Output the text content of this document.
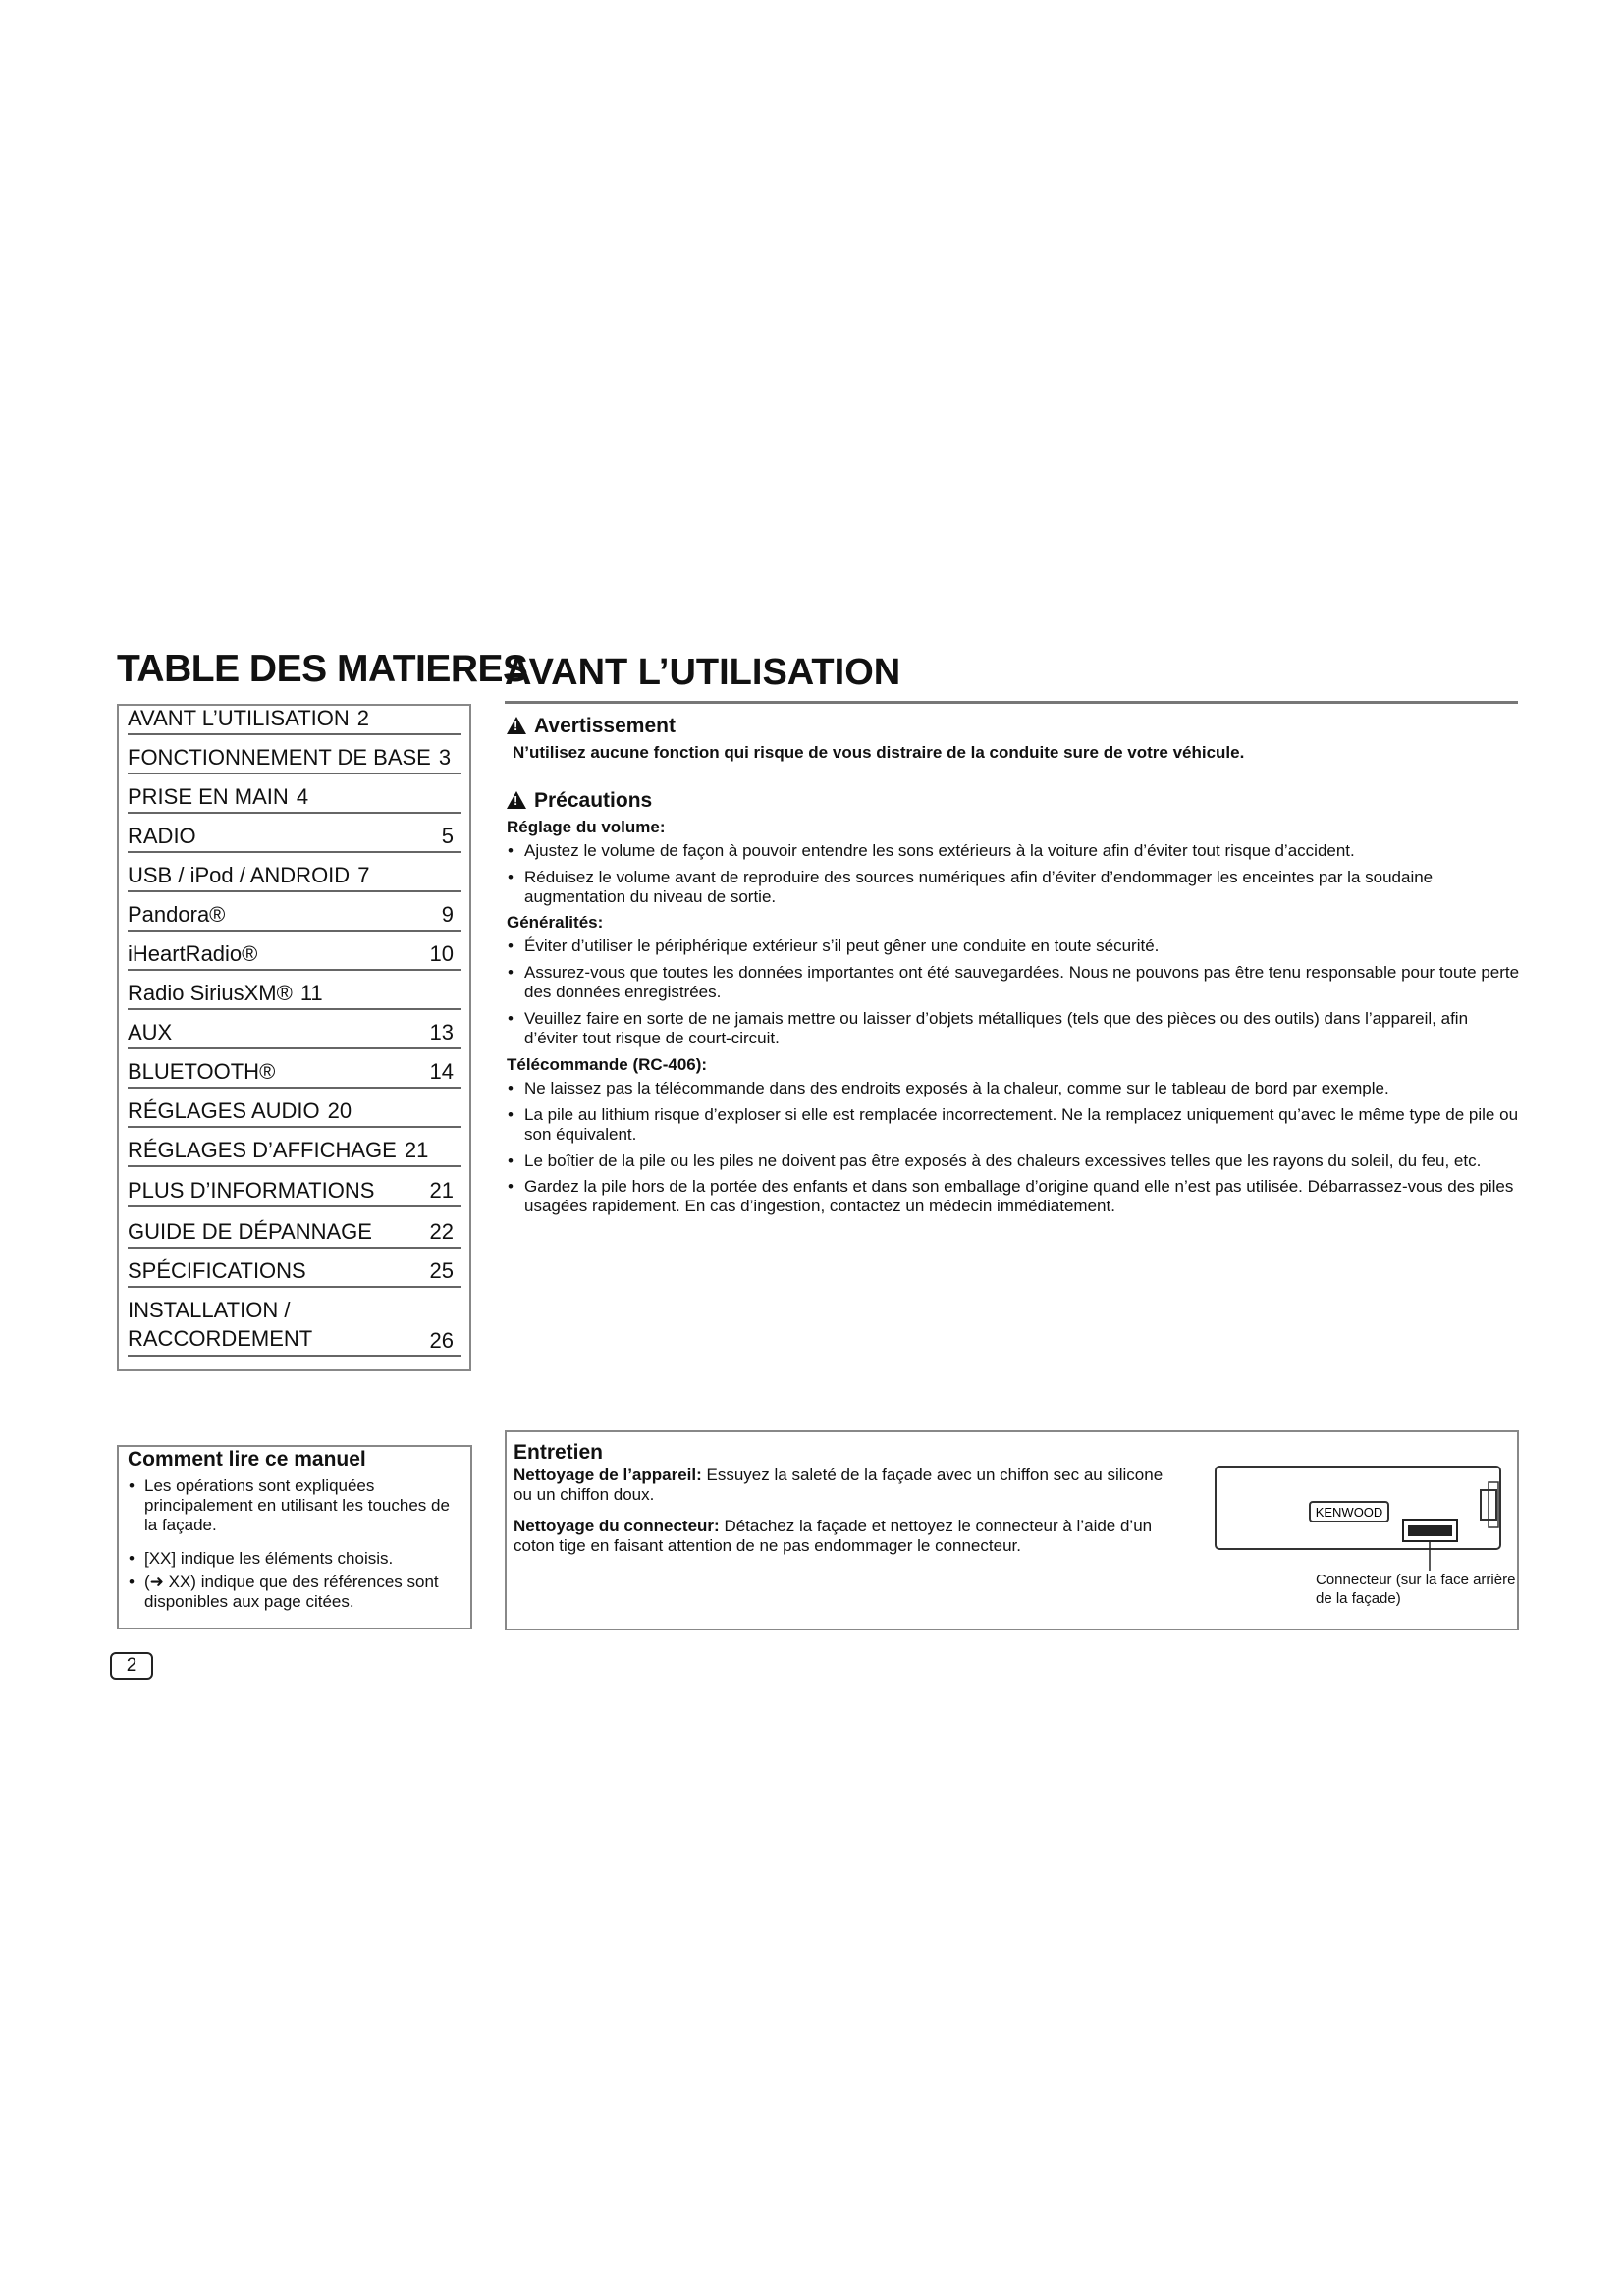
TABLE DES MATIERES
AVANT L’UTILISATION
AVANT L’UTILISATION 2
FONCTIONNEMENT DE BASE 3
PRISE EN MAIN 4
RADIO	5
USB / iPod / ANDROID 7
Pandora®	9
iHeartRadio®	10
Radio SiriusXM® 11
AUX	13
BLUETOOTH®	14
RÉGLAGES AUDIO 20
RÉGLAGES D’AFFICHAGE 21
PLUS D’INFORMATIONS	21
GUIDE DE DÉPANNAGE	22
SPÉCIFICATIONS	25
INSTALLATION /
RACCORDEMENT	26
!Avertissement
N’utilisez aucune fonction qui risque de vous distraire de la conduite sure de votre véhicule.
!Précautions
Réglage du volume:
• Ajustez le volume de façon à pouvoir entendre les sons extérieurs à la voiture afin d’éviter tout risque d’accident.
• Réduisez le volume avant de reproduire des sources numériques afin d’éviter d’endommager les enceintes par la soudaine augmentation du niveau de sortie.
Généralités:
• Éviter d’utiliser le périphérique extérieur s’il peut gêner une conduite en toute sécurité.
• Assurez-vous que toutes les données importantes ont été sauvegardées. Nous ne pouvons pas être tenu responsable pour toute perte des données enregistrées.
• Veuillez faire en sorte de ne jamais mettre ou laisser d’objets métalliques (tels que des pièces ou des outils) dans l’appareil, afin d’éviter tout risque de court-circuit.
Télécommande (RC-406):
• Ne laissez pas la télécommande dans des endroits exposés à la chaleur, comme sur le tableau de bord par exemple.
• La pile au lithium risque d’exploser si elle est remplacée incorrectement. Ne la remplacez uniquement qu’avec le même type de pile ou son équivalent.
• Le boîtier de la pile ou les piles ne doivent pas être exposés à des chaleurs excessives telles que les rayons du soleil, du feu, etc.
• Gardez la pile hors de la portée des enfants et dans son emballage d’origine quand elle n’est pas utilisée. Débarrassez-vous des piles usagées rapidement. En cas d’ingestion, contactez un médecin immédiatement.
Comment lire ce manuel
• Les opérations sont expliquées principalement en utilisant les touches de la façade.
• [XX] indique les éléments choisis.
• (➜ XX) indique que des références sont disponibles aux page citées.
Entretien
Nettoyage de l’appareil: Essuyez la saleté de la façade avec un chiffon sec au silicone ou un chiffon doux.
Nettoyage du connecteur: Détachez la façade et nettoyez le connecteur à l’aide d’un coton tige en faisant attention de ne pas endommager le connecteur.
KENWOOD
Connecteur (sur la face arrière
de la façade)
2
